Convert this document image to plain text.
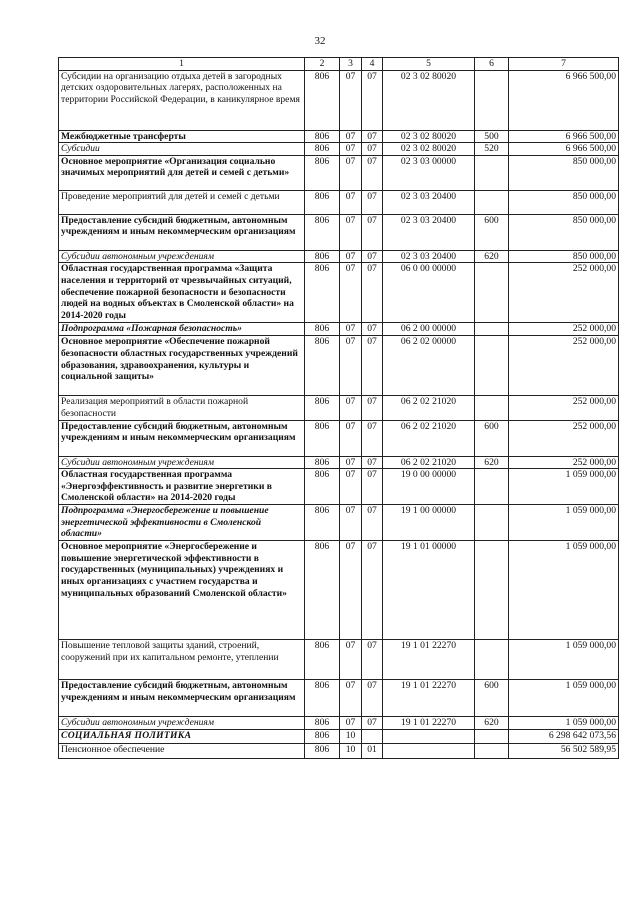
32
1	2	3	4	5	6	7
Субсидии на организацию отдыха детей в загородных детских оздоровительных лагерях, расположенных на территории Российской Федерации, в каникулярное время	806	07	07	02 3 02 80020		6 966 500,00
Межбюджетные трансферты	806	07	07	02 3 02 80020	500	6 966 500,00
Субсидии	806	07	07	02 3 02 80020	520	6 966 500,00
Основное мероприятие «Организация социально значимых мероприятий для детей и семей с детьми»	806	07	07	02 3 03 00000		850 000,00
Проведение мероприятий для детей и семей с детьми	806	07	07	02 3 03 20400		850 000,00
Предоставление субсидий бюджетным, автономным учреждениям и иным некоммерческим организациям	806	07	07	02 3 03 20400	600	850 000,00
Субсидии автономным учреждениям	806	07	07	02 3 03 20400	620	850 000,00
Областная государственная программа «Защита населения и территорий от чрезвычайных ситуаций, обеспечение пожарной безопасности и безопасности людей на водных объектах в Смоленской области» на 2014-2020 годы	806	07	07	06 0 00 00000		252 000,00
Подпрограмма «Пожарная безопасность»	806	07	07	06 2 00 00000		252 000,00
Основное мероприятие «Обеспечение пожарной безопасности областных государственных учреждений образования, здравоохранения, культуры и социальной защиты»	806	07	07	06 2 02 00000		252 000,00
Реализация мероприятий в области пожарной безопасности	806	07	07	06 2 02 21020		252 000,00
Предоставление субсидий бюджетным, автономным учреждениям и иным некоммерческим организациям	806	07	07	06 2 02 21020	600	252 000,00
Субсидии автономным учреждениям	806	07	07	06 2 02 21020	620	252 000,00
Областная государственная программа «Энергоэффективность и развитие энергетики в Смоленской области» на 2014-2020 годы	806	07	07	19 0 00 00000		1 059 000,00
Подпрограмма «Энергосбережение и повышение энергетической эффективности в Смоленской области»	806	07	07	19 1 00 00000		1 059 000,00
Основное мероприятие «Энергосбережение и повышение энергетической эффективности в государственных (муниципальных) учреждениях и иных организациях с участием государства и муниципальных образований Смоленской области»	806	07	07	19 1 01 00000		1 059 000,00
Повышение тепловой защиты зданий, строений, сооружений при их капитальном ремонте, утеплении	806	07	07	19 1 01 22270		1 059 000,00
Предоставление субсидий бюджетным, автономным учреждениям и иным некоммерческим организациям	806	07	07	19 1 01 22270	600	1 059 000,00
Субсидии автономным учреждениям	806	07	07	19 1 01 22270	620	1 059 000,00
СОЦИАЛЬНАЯ ПОЛИТИКА	806	10				6 298 642 073,56
Пенсионное обеспечение	806	10	01			56 502 589,95
